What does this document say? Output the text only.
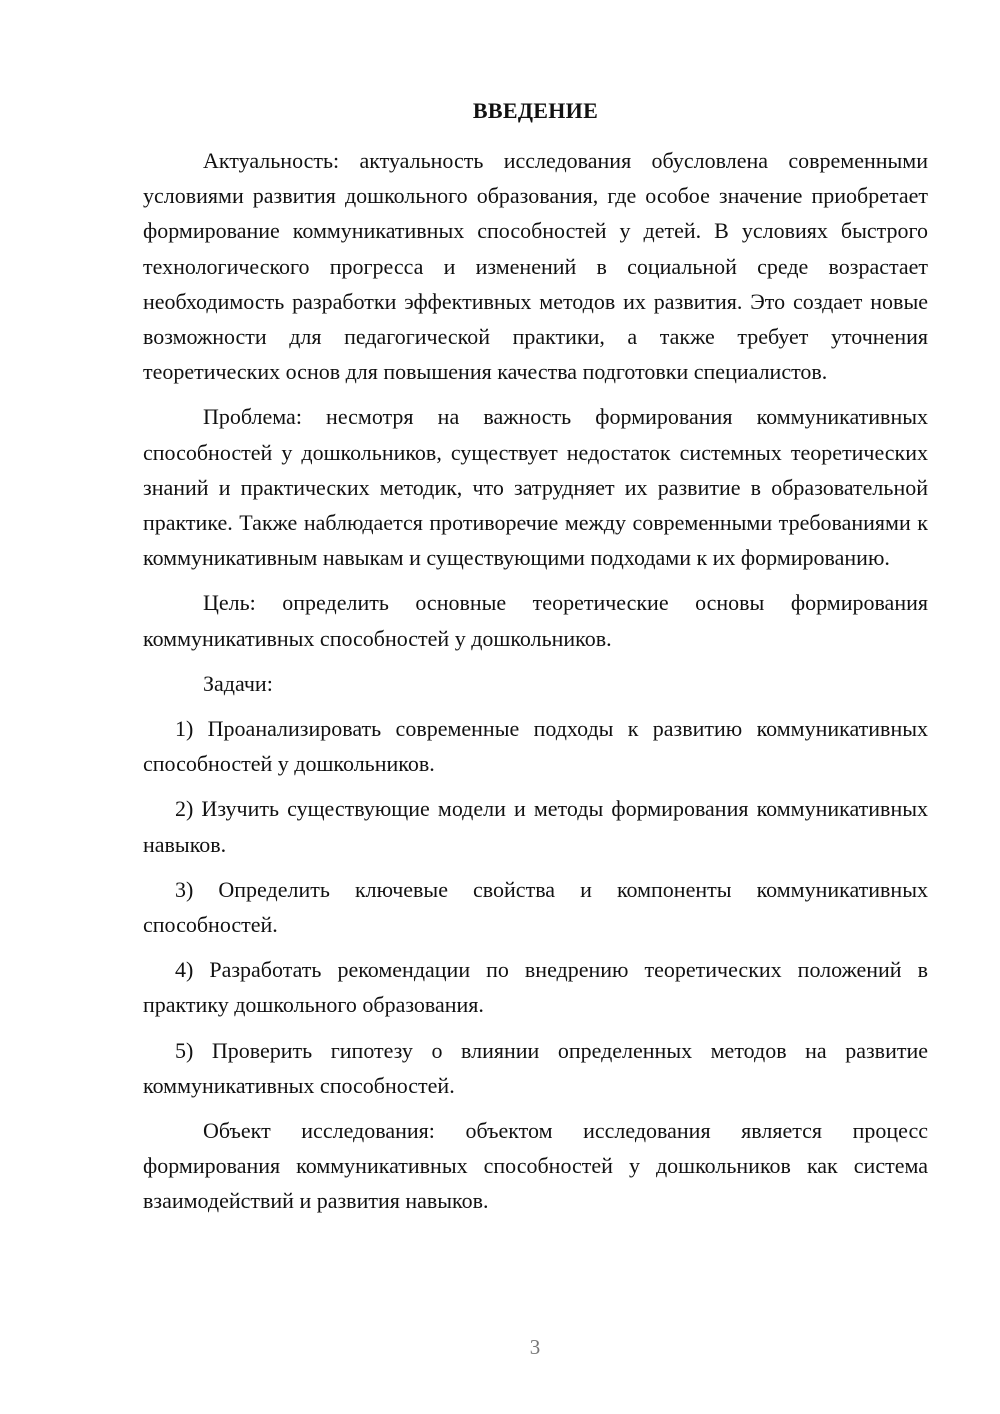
ВВЕДЕНИЕ

Актуальность: актуальность исследования обусловлена современными условиями развития дошкольного образования, где особое значение приобретает формирование коммуникативных способностей у детей. В условиях быстрого технологического прогресса и изменений в социальной среде возрастает необходимость разработки эффективных методов их развития. Это создает новые возможности для педагогической практики, а также требует уточнения теоретических основ для повышения качества подготовки специалистов.

Проблема: несмотря на важность формирования коммуникативных способностей у дошкольников, существует недостаток системных теоретических знаний и практических методик, что затрудняет их развитие в образовательной практике. Также наблюдается противоречие между современными требованиями к коммуникативным навыкам и существующими подходами к их формированию.

Цель: определить основные теоретические основы формирования коммуникативных способностей у дошкольников.

Задачи:

1) Проанализировать современные подходы к развитию коммуникативных способностей у дошкольников.

2) Изучить существующие модели и методы формирования коммуникативных навыков.

3) Определить ключевые свойства и компоненты коммуникативных способностей.

4) Разработать рекомендации по внедрению теоретических положений в практику дошкольного образования.

5) Проверить гипотезу о влиянии определенных методов на развитие коммуникативных способностей.

Объект исследования: объектом исследования является процесс формирования коммуникативных способностей у дошкольников как система взаимодействий и развития навыков.

3
